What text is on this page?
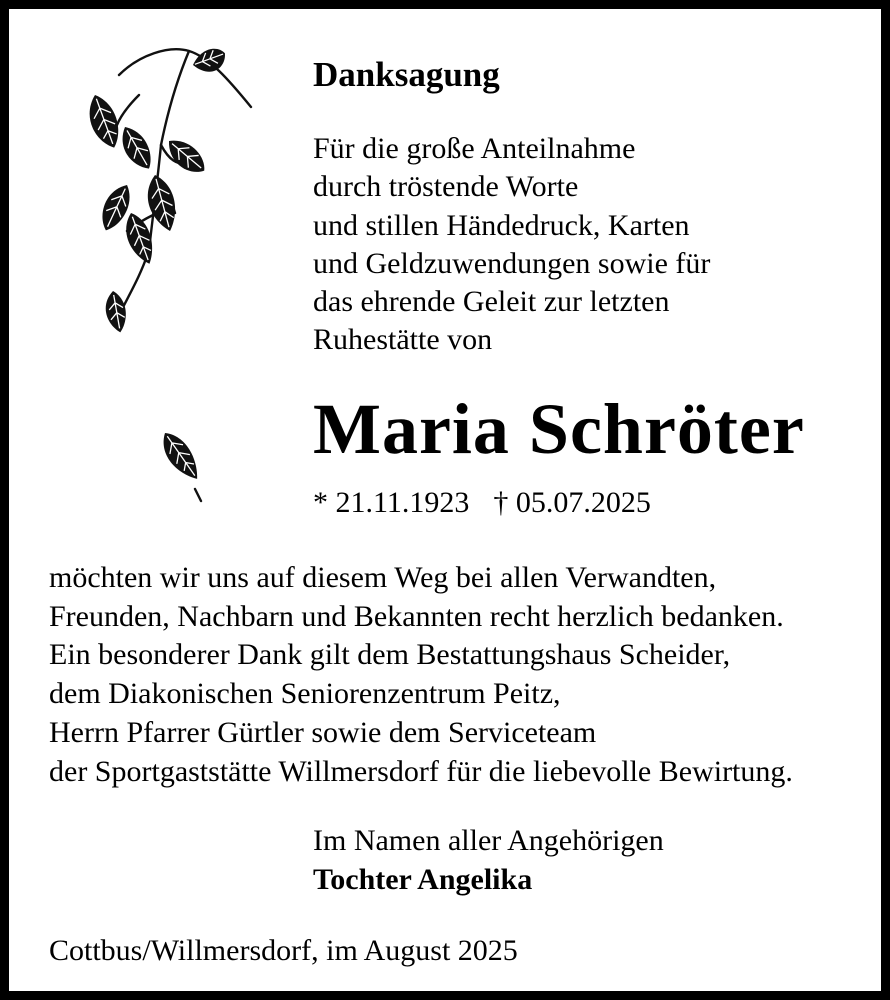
Danksagung
Für die große Anteilnahme
durch tröstende Worte
und stillen Händedruck, Karten
und Geldzuwendungen sowie für
das ehrende Geleit zur letzten
Ruhestätte von
Maria Schröter
* 21.11.1923 † 05.07.2025
möchten wir uns auf diesem Weg bei allen Verwandten,
Freunden, Nachbarn und Bekannten recht herzlich bedanken.
Ein besonderer Dank gilt dem Bestattungshaus Scheider,
dem Diakonischen Seniorenzentrum Peitz,
Herrn Pfarrer Gürtler sowie dem Serviceteam
der Sportgaststätte Willmersdorf für die liebevolle Bewirtung.
Im Namen aller Angehörigen
Tochter Angelika
Cottbus/Willmersdorf, im August 2025
